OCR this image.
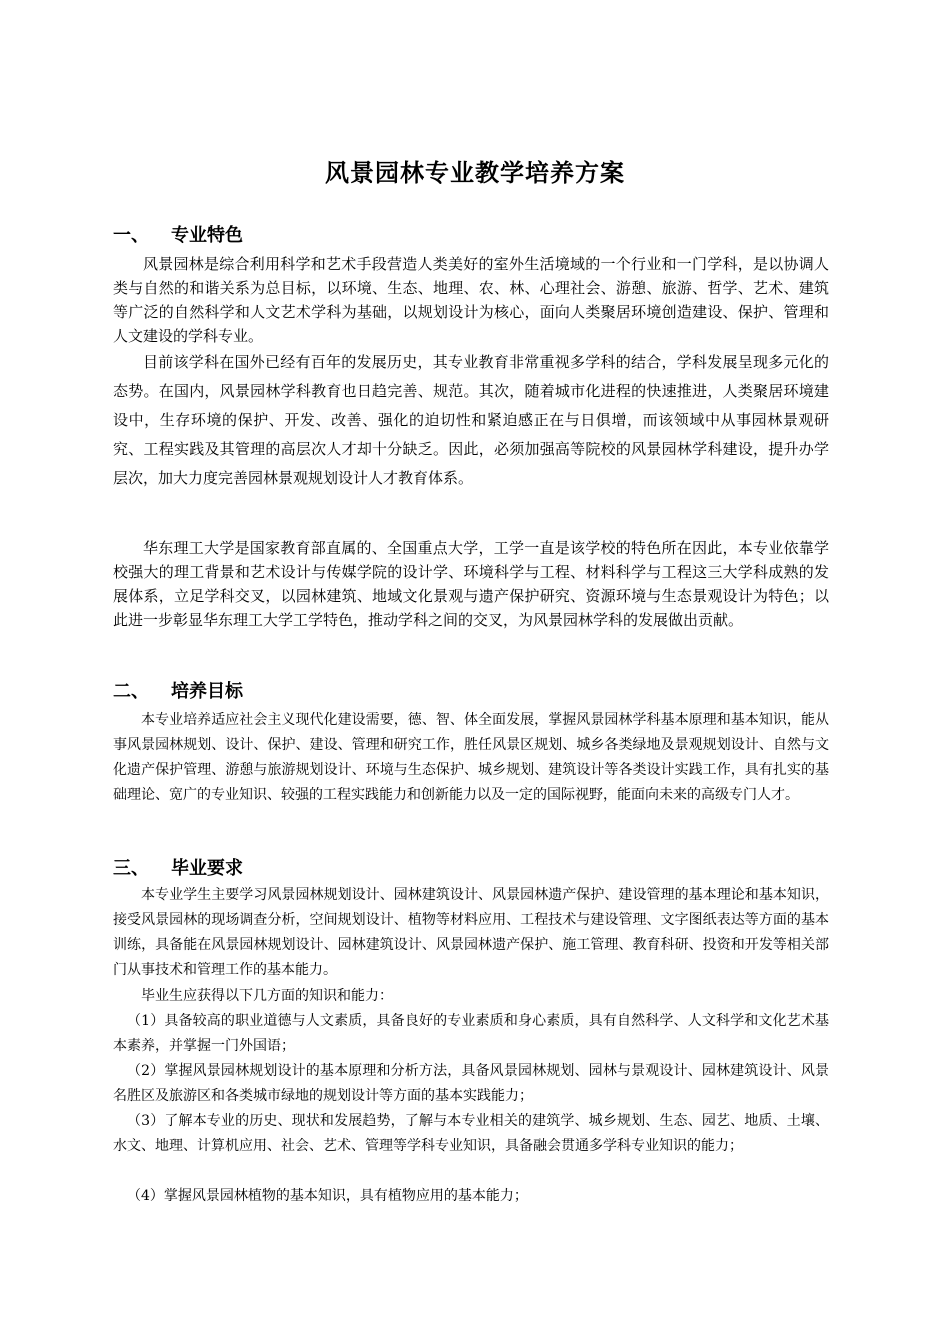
风景园林专业教学培养方案
一、 专业特色

风景园林是综合利用科学和艺术手段营造人类美好的室外生活境域的一个行业和一门学科，是以协调人类与自然的和谐关系为总目标，以环境、生态、地理、农、林、心理社会、游憩、旅游、哲学、艺术、建筑等广泛的自然科学和人文艺术学科为基础，以规划设计为核心，面向人类聚居环境创造建设、保护、管理和人文建设的学科专业。

目前该学科在国外已经有百年的发展历史，其专业教育非常重视多学科的结合，学科发展呈现多元化的态势。在国内，风景园林学科教育也日趋完善、规范。其次，随着城市化进程的快速推进，人类聚居环境建设中，生存环境的保护、开发、改善、强化的迫切性和紧迫感正在与日俱增，而该领域中从事园林景观研究、工程实践及其管理的高层次人才却十分缺乏。因此，必须加强高等院校的风景园林学科建设，提升办学层次，加大力度完善园林景观规划设计人才教育体系。

华东理工大学是国家教育部直属的、全国重点大学，工学一直是该学校的特色所在因此，本专业依靠学校强大的理工背景和艺术设计与传媒学院的设计学、环境科学与工程、材料科学与工程这三大学科成熟的发展体系，立足学科交叉，以园林建筑、地域文化景观与遗产保护研究、资源环境与生态景观设计为特色；以此进一步彰显华东理工大学工学特色，推动学科之间的交叉，为风景园林学科的发展做出贡献。

二、 培养目标

本专业培养适应社会主义现代化建设需要，德、智、体全面发展，掌握风景园林学科基本原理和基本知识，能从事风景园林规划、设计、保护、建设、管理和研究工作，胜任风景区规划、城乡各类绿地及景观规划设计、自然与文化遗产保护管理、游憩与旅游规划设计、环境与生态保护、城乡规划、建筑设计等各类设计实践工作，具有扎实的基础理论、宽广的专业知识、较强的工程实践能力和创新能力以及一定的国际视野，能面向未来的高级专门人才。

三、 毕业要求

本专业学生主要学习风景园林规划设计、园林建筑设计、风景园林遗产保护、建设管理的基本理论和基本知识，接受风景园林的现场调查分析，空间规划设计、植物等材料应用、工程技术与建设管理、文字图纸表达等方面的基本训练，具备能在风景园林规划设计、园林建筑设计、风景园林遗产保护、施工管理、教育科研、投资和开发等相关部门从事技术和管理工作的基本能力。

毕业生应获得以下几方面的知识和能力：

（1）具备较高的职业道德与人文素质，具备良好的专业素质和身心素质，具有自然科学、人文科学和文化艺术基本素养，并掌握一门外国语；

（2）掌握风景园林规划设计的基本原理和分析方法，具备风景园林规划、园林与景观设计、园林建筑设计、风景名胜区及旅游区和各类城市绿地的规划设计等方面的基本实践能力；

（3）了解本专业的历史、现状和发展趋势，了解与本专业相关的建筑学、城乡规划、生态、园艺、地质、土壤、水文、地理、计算机应用、社会、艺术、管理等学科专业知识，具备融会贯通多学科专业知识的能力；

（4）掌握风景园林植物的基本知识，具有植物应用的基本能力；
